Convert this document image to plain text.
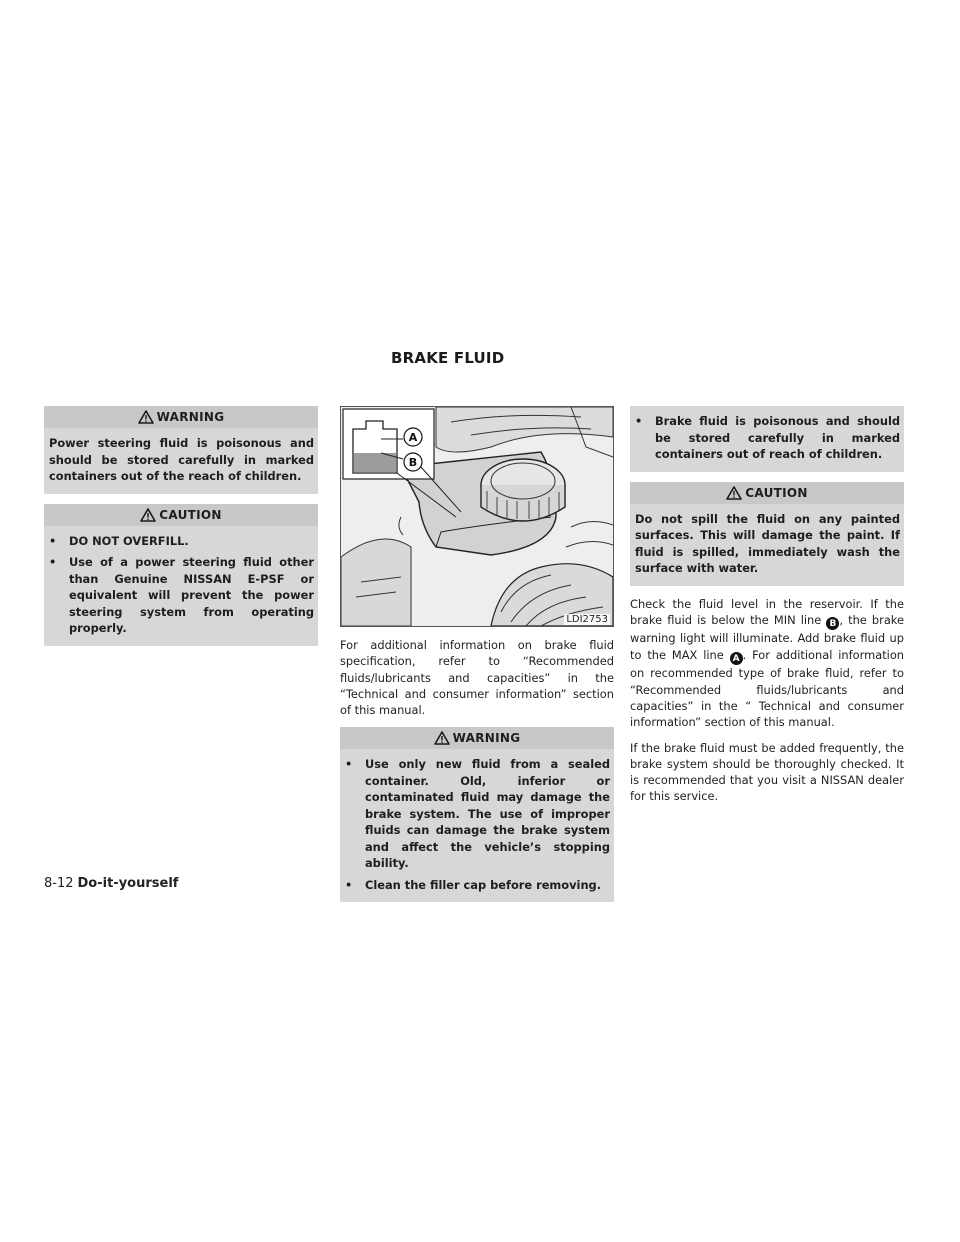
BRAKE FLUID
WARNING

Power steering fluid is poisonous and should be stored carefully in marked containers out of the reach of children.

CAUTION
• DO NOT OVERFILL.
• Use of a power steering fluid other than Genuine NISSAN E-PSF or equivalent will prevent the power steering system from operating properly.
A
B
LDI2753

For additional information on brake fluid specification, refer to “Recommended fluids/lubricants and capacities” in the “Technical and consumer information” section of this manual.

WARNING
• Use only new fluid from a sealed container. Old, inferior or contaminated fluid may damage the brake system. The use of improper fluids can damage the brake system and affect the vehicle’s stopping ability.
• Clean the filler cap before removing.
• Brake fluid is poisonous and should be stored carefully in marked containers out of reach of children.
CAUTION

Do not spill the fluid on any painted surfaces. This will damage the paint. If fluid is spilled, immediately wash the surface with water.

Check the fluid level in the reservoir. If the brake fluid is below the MIN line B , the brake warning light will illuminate. Add brake fluid up to the MAX line A . For additional information on recommended type of brake fluid, refer to “Recommended fluids/lubricants and capacities” in the “ Technical and consumer information” section of this manual.

If the brake fluid must be added frequently, the brake system should be thoroughly checked. It is recommended that you visit a NISSAN dealer for this service.

8-12 Do-it-yourself
